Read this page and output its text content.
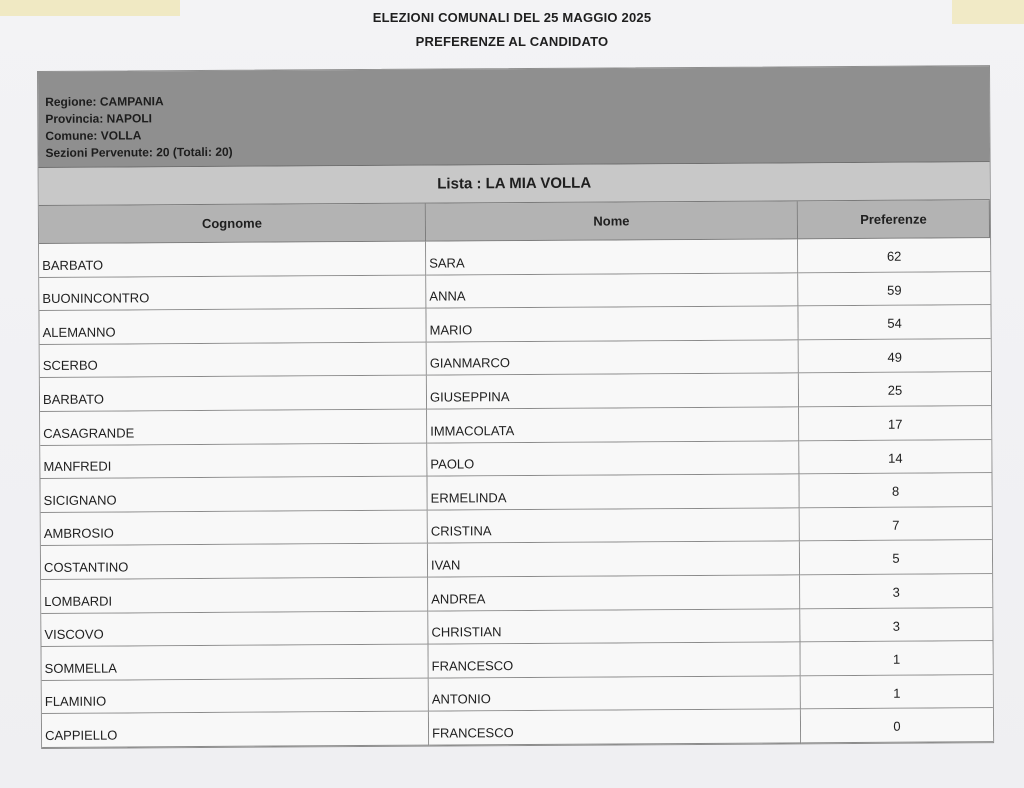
ELEZIONI COMUNALI DEL 25 MAGGIO 2025
PREFERENZE AL CANDIDATO
Regione: CAMPANIA
Provincia: NAPOLI
Comune: VOLLA
Sezioni Pervenute: 20 (Totali: 20)
Lista : LA MIA VOLLA
Cognome	Nome	Preferenze
BARBATO	SARA	62
BUONINCONTRO	ANNA	59
ALEMANNO	MARIO	54
SCERBO	GIANMARCO	49
BARBATO	GIUSEPPINA	25
CASAGRANDE	IMMACOLATA	17
MANFREDI	PAOLO	14
SICIGNANO	ERMELINDA	8
AMBROSIO	CRISTINA	7
COSTANTINO	IVAN	5
LOMBARDI	ANDREA	3
VISCOVO	CHRISTIAN	3
SOMMELLA	FRANCESCO	1
FLAMINIO	ANTONIO	1
CAPPIELLO	FRANCESCO	0
